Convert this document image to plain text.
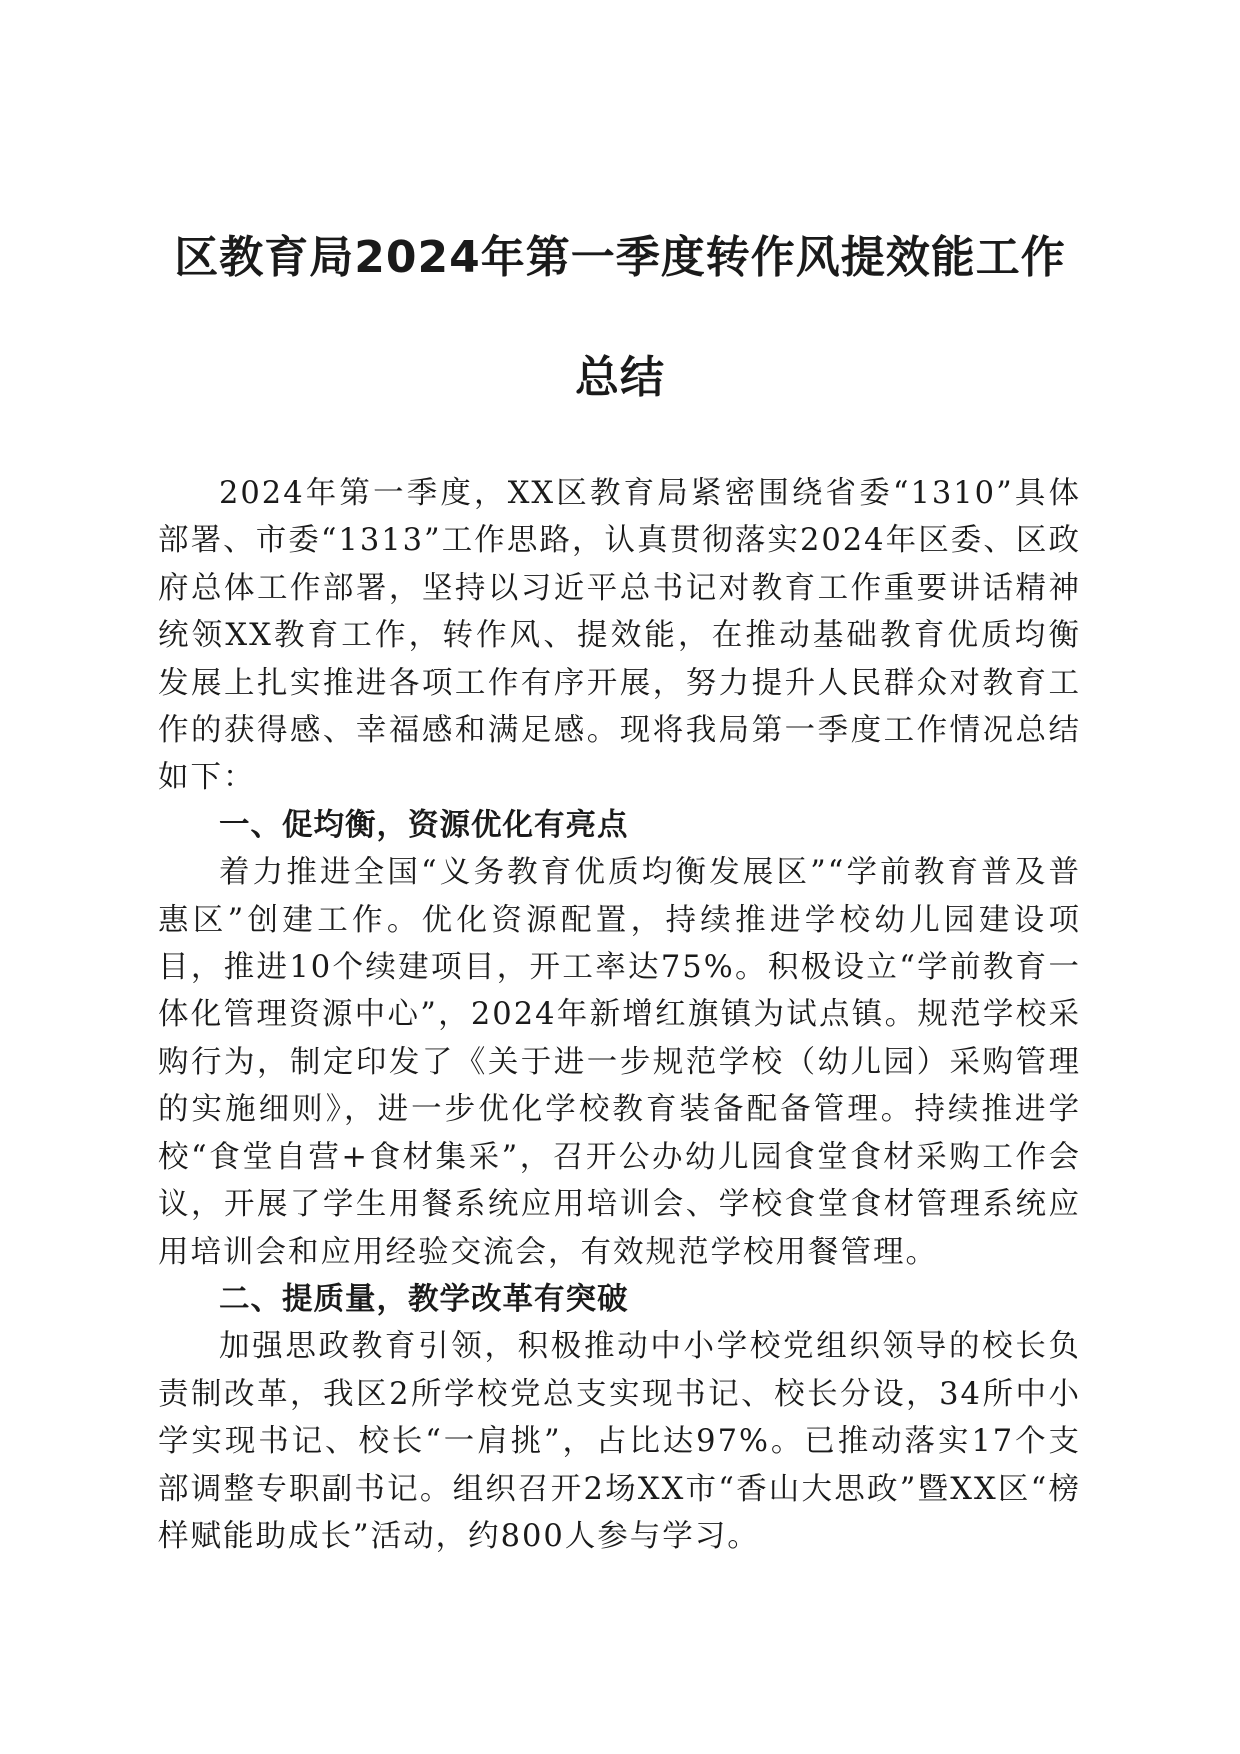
区教育局2024年第一季度转作风提效能工作
总结

2024年第一季度，XX区教育局紧密围绕省委“1310”具体部署、市委“1313”工作思路，认真贯彻落实2024年区委、区政府总体工作部署，坚持以习近平总书记对教育工作重要讲话精神统领XX教育工作，转作风、提效能，在推动基础教育优质均衡发展上扎实推进各项工作有序开展，努力提升人民群众对教育工作的获得感、幸福感和满足感。现将我局第一季度工作情况总结如下：

一、促均衡，资源优化有亮点

着力推进全国“义务教育优质均衡发展区”“学前教育普及普惠区”创建工作。优化资源配置，持续推进学校幼儿园建设项目，推进10个续建项目，开工率达75%。积极设立“学前教育一体化管理资源中心”，2024年新增红旗镇为试点镇。规范学校采购行为，制定印发了《关于进一步规范学校（幼儿园）采购管理的实施细则》，进一步优化学校教育装备配备管理。持续推进学校“食堂自营+食材集采”，召开公办幼儿园食堂食材采购工作会议，开展了学生用餐系统应用培训会、学校食堂食材管理系统应用培训会和应用经验交流会，有效规范学校用餐管理。

二、提质量，教学改革有突破

加强思政教育引领，积极推动中小学校党组织领导的校长负责制改革，我区2所学校党总支实现书记、校长分设，34所中小学实现书记、校长“一肩挑”，占比达97%。已推动落实17个支部调整专职副书记。组织召开2场XX市“香山大思政”暨XX区“榜样赋能助成长”活动，约800人参与学习。
